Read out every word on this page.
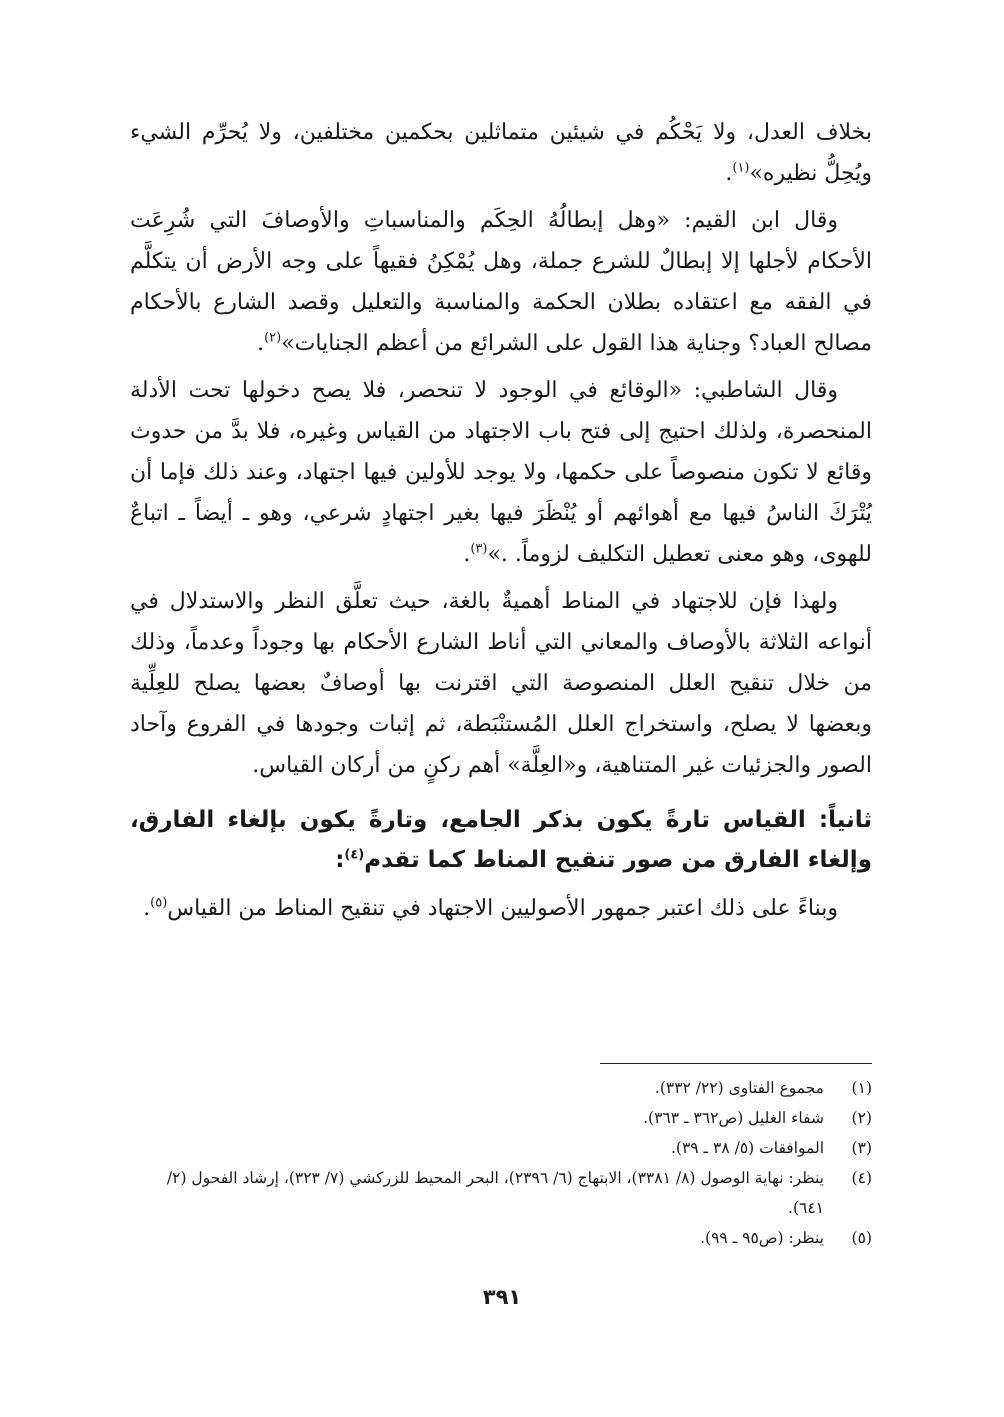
بخلاف العدل، ولا يَحْكُم في شيئين متماثلين بحكمين مختلفين، ولا يُحرِّم الشيء ويُحِلُّ نظيره»$^{(١)}$.

وقال ابن القيم: «وهل إبطالُهُ الحِكَم والمناسباتِ والأوصافَ التي شُرِعَت الأحكام لأجلها إلا إبطالٌ للشرع جملة، وهل يُمْكِنُ فقيهاً على وجه الأرض أن يتكلَّم في الفقه مع اعتقاده بطلان الحكمة والمناسبة والتعليل وقصد الشارع بالأحكام مصالح العباد؟ وجناية هذا القول على الشرائع من أعظم الجنايات»$^{(٢)}$.

وقال الشاطبي: «الوقائع في الوجود لا تنحصر، فلا يصح دخولها تحت الأدلة المنحصرة، ولذلك احتيج إلى فتح باب الاجتهاد من القياس وغيره، فلا بدَّ من حدوث وقائع لا تكون منصوصاً على حكمها، ولا يوجد للأولين فيها اجتهاد، وعند ذلك فإما أن يُتْرَكَ الناسُ فيها مع أهوائهم أو يُنْظَرَ فيها بغير اجتهادٍ شرعي، وهو ـ أيضاً ـ اتباعٌ للهوى، وهو معنى تعطيل التكليف لزوماً. .»$^{(٣)}$.

ولهذا فإن للاجتهاد في المناط أهميةٌ بالغة، حيث تعلَّق النظر والاستدلال في أنواعه الثلاثة بالأوصاف والمعاني التي أناط الشارع الأحكام بها وجوداً وعدماً، وذلك من خلال تنقيح العلل المنصوصة التي اقترنت بها أوصافٌ بعضها يصلح للعِلِّية وبعضها لا يصلح، واستخراج العلل المُستنْبَطة، ثم إثبات وجودها في الفروع وآحاد الصور والجزئيات غير المتناهية، و«العِلَّة» أهم ركنٍ من أركان القياس.

ثانياً: القياس تارةً يكون بذكر الجامع، وتارةً يكون بإلغاء الفارق، وإلغاء الفارق من صور تنقيح المناط كما تقدم$^{(٤)}$:

وبناءً على ذلك اعتبر جمهور الأصوليين الاجتهاد في تنقيح المناط من القياس$^{(٥)}$.

(١)
مجموع الفتاوى (٢٢/ ٣٣٢).
(٢)
شفاء الغليل (ص٣٦٢ ـ ٣٦٣).
(٣)
الموافقات (٥/ ٣٨ ـ ٣٩).
(٤)
ينظر: نهاية الوصول (٨/ ٣٣٨١)، الابتهاج (٦/ ٢٣٩٦)، البحر المحيط للزركشي (٧/ ٣٢٣)، إرشاد الفحول (٢/ ٦٤١).
(٥)
ينظر: (ص٩٥ ـ ٩٩).
٣٩١
